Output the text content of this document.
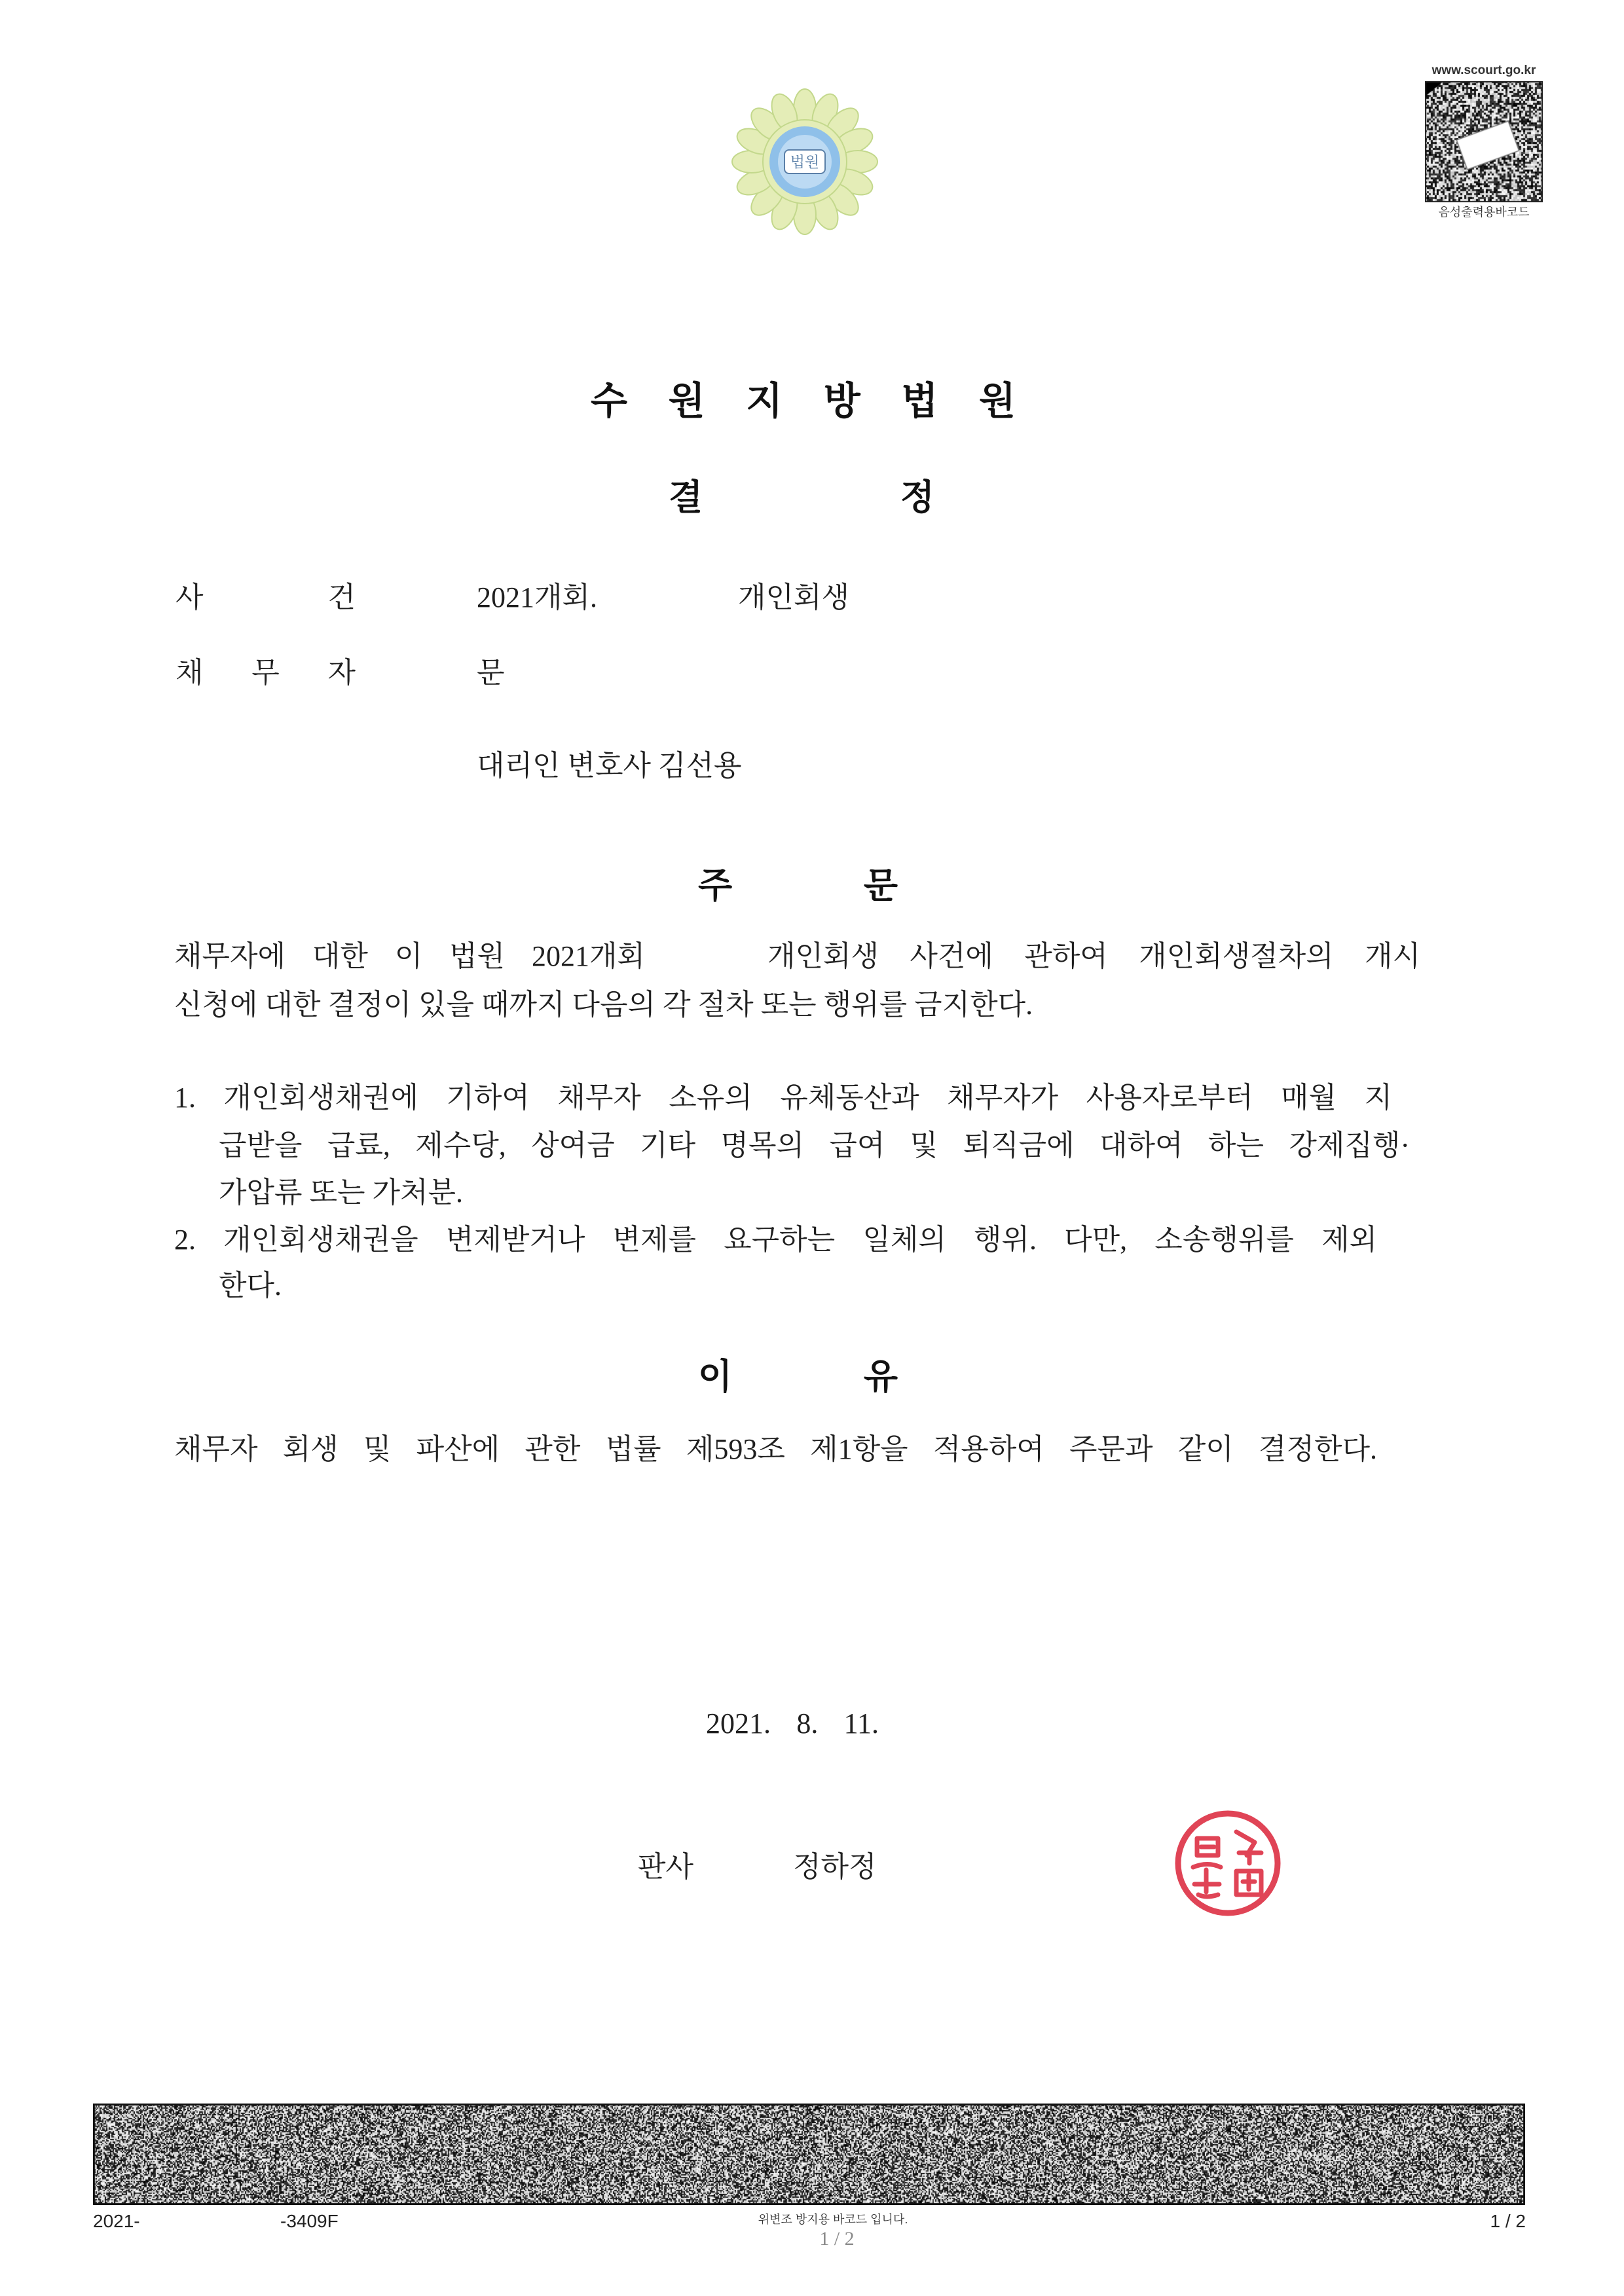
법원
www.scourt.go.kr
음성출력용바코드
수 원 지 방 법 원
결 정
사 건	2021개회.	개인회생
채 무 자	문
대리인 변호사 김선용
주 문
채무자에 대한 이 법원 2021개회	개인회생 사건에 관하여 개인회생절차의 개시
신청에 대한 결정이 있을 때까지 다음의 각 절차 또는 행위를 금지한다.
1. 개인회생채권에 기하여 채무자 소유의 유체동산과 채무자가 사용자로부터 매월 지
급받을 급료, 제수당, 상여금 기타 명목의 급여 및 퇴직금에 대하여 하는 강제집행·
가압류 또는 가처분.
2. 개인회생채권을 변제받거나 변제를 요구하는 일체의 행위. 다만, 소송행위를 제외
한다.
이 유
채무자 회생 및 파산에 관한 법률 제593조 제1항을 적용하여 주문과 같이 결정한다.
2021. 8. 11.
판사	정하정
2021-	-3409F	위변조 방지용 바코드 입니다.
1 / 2
1 / 2
